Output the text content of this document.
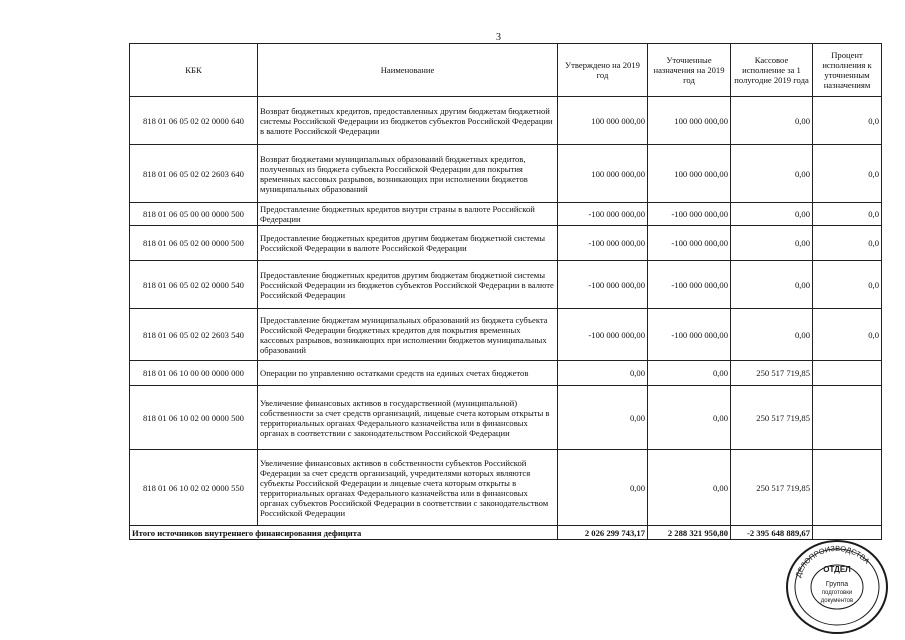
3
КБК	Наименование	Утверждено на 2019 год	Уточненные назначения на 2019 год	Кассовое исполнение за 1 полугодие 2019 года	Процент исполнения к уточненным назначениям
818 01 06 05 02 02 0000 640	Возврат бюджетных кредитов, предоставленных другим бюджетам бюджетной системы Российской Федерации из бюджетов субъектов Российской Федерации в валюте Российской Федерации	100 000 000,00	100 000 000,00	0,00	0,0
818 01 06 05 02 02 2603 640	Возврат бюджетами муниципальных образований бюджетных кредитов, полученных из бюджета субъекта Российской Федерации для покрытия временных кассовых разрывов, возникающих при исполнении бюджетов муниципальных образований	100 000 000,00	100 000 000,00	0,00	0,0
818 01 06 05 00 00 0000 500	Предоставление бюджетных кредитов внутри страны в валюте Российской Федерации	-100 000 000,00	-100 000 000,00	0,00	0,0
818 01 06 05 02 00 0000 500	Предоставление бюджетных кредитов другим бюджетам бюджетной системы Российской Федерации в валюте Российской Федерации	-100 000 000,00	-100 000 000,00	0,00	0,0
818 01 06 05 02 02 0000 540	Предоставление бюджетных кредитов другим бюджетам бюджетной системы Российской Федерации из бюджетов субъектов Российской Федерации в валюте Российской Федерации	-100 000 000,00	-100 000 000,00	0,00	0,0
818 01 06 05 02 02 2603 540	Предоставление бюджетам муниципальных образований из бюджета субъекта Российской Федерации бюджетных кредитов для покрытия временных кассовых разрывов, возникающих при исполнении бюджетов муниципальных образований	-100 000 000,00	-100 000 000,00	0,00	0,0
818 01 06 10 00 00 0000 000	Операции по управлению остатками средств на единых счетах бюджетов	0,00	0,00	250 517 719,85	
818 01 06 10 02 00 0000 500	Увеличение финансовых активов в государственной (муниципальной) собственности за счет средств организаций, лицевые счета которым открыты в территориальных органах Федерального казначейства или в финансовых органах в соответствии с законодательством Российской Федерации	0,00	0,00	250 517 719,85	
818 01 06 10 02 02 0000 550	Увеличение финансовых активов в собственности субъектов Российской Федерации за счет средств организаций, учредителями которых являются субъекты Российской Федерации и лицевые счета которым открыты в территориальных органах Федерального казначейства или в финансовых органах субъектов Российской Федерации в соответствии с законодательством Российской Федерации	0,00	0,00	250 517 719,85	
Итого источников внутреннего финансирования дефицита		2 026 299 743,17	2 288 321 950,80	-2 395 648 889,67	
ДЕЛОПРОИЗВОДСТВА
ОТДЕЛ
Группа
подготовки
документов
